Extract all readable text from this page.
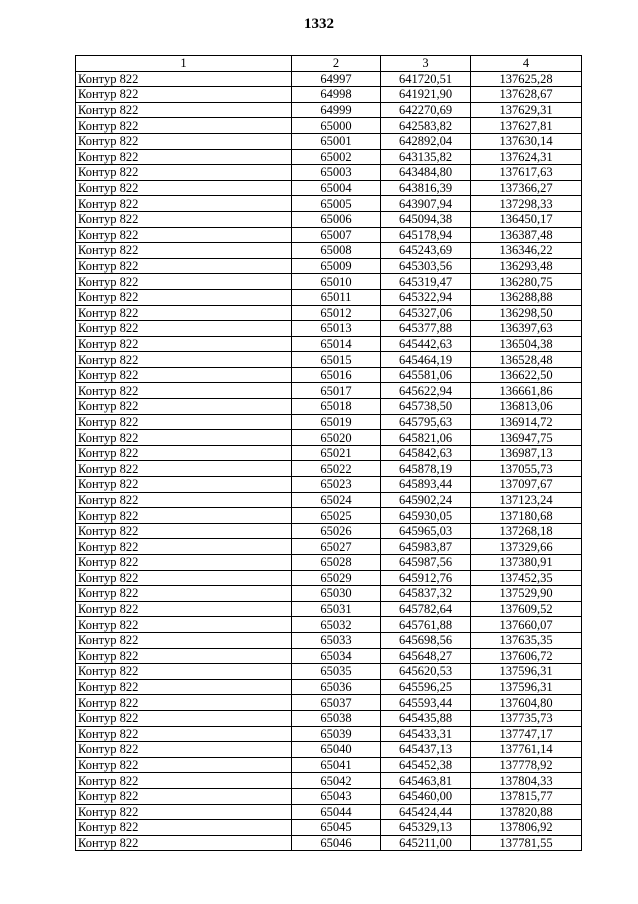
1332
1	2	3	4
Контур 822	64997	641720,51	137625,28
Контур 822	64998	641921,90	137628,67
Контур 822	64999	642270,69	137629,31
Контур 822	65000	642583,82	137627,81
Контур 822	65001	642892,04	137630,14
Контур 822	65002	643135,82	137624,31
Контур 822	65003	643484,80	137617,63
Контур 822	65004	643816,39	137366,27
Контур 822	65005	643907,94	137298,33
Контур 822	65006	645094,38	136450,17
Контур 822	65007	645178,94	136387,48
Контур 822	65008	645243,69	136346,22
Контур 822	65009	645303,56	136293,48
Контур 822	65010	645319,47	136280,75
Контур 822	65011	645322,94	136288,88
Контур 822	65012	645327,06	136298,50
Контур 822	65013	645377,88	136397,63
Контур 822	65014	645442,63	136504,38
Контур 822	65015	645464,19	136528,48
Контур 822	65016	645581,06	136622,50
Контур 822	65017	645622,94	136661,86
Контур 822	65018	645738,50	136813,06
Контур 822	65019	645795,63	136914,72
Контур 822	65020	645821,06	136947,75
Контур 822	65021	645842,63	136987,13
Контур 822	65022	645878,19	137055,73
Контур 822	65023	645893,44	137097,67
Контур 822	65024	645902,24	137123,24
Контур 822	65025	645930,05	137180,68
Контур 822	65026	645965,03	137268,18
Контур 822	65027	645983,87	137329,66
Контур 822	65028	645987,56	137380,91
Контур 822	65029	645912,76	137452,35
Контур 822	65030	645837,32	137529,90
Контур 822	65031	645782,64	137609,52
Контур 822	65032	645761,88	137660,07
Контур 822	65033	645698,56	137635,35
Контур 822	65034	645648,27	137606,72
Контур 822	65035	645620,53	137596,31
Контур 822	65036	645596,25	137596,31
Контур 822	65037	645593,44	137604,80
Контур 822	65038	645435,88	137735,73
Контур 822	65039	645433,31	137747,17
Контур 822	65040	645437,13	137761,14
Контур 822	65041	645452,38	137778,92
Контур 822	65042	645463,81	137804,33
Контур 822	65043	645460,00	137815,77
Контур 822	65044	645424,44	137820,88
Контур 822	65045	645329,13	137806,92
Контур 822	65046	645211,00	137781,55
